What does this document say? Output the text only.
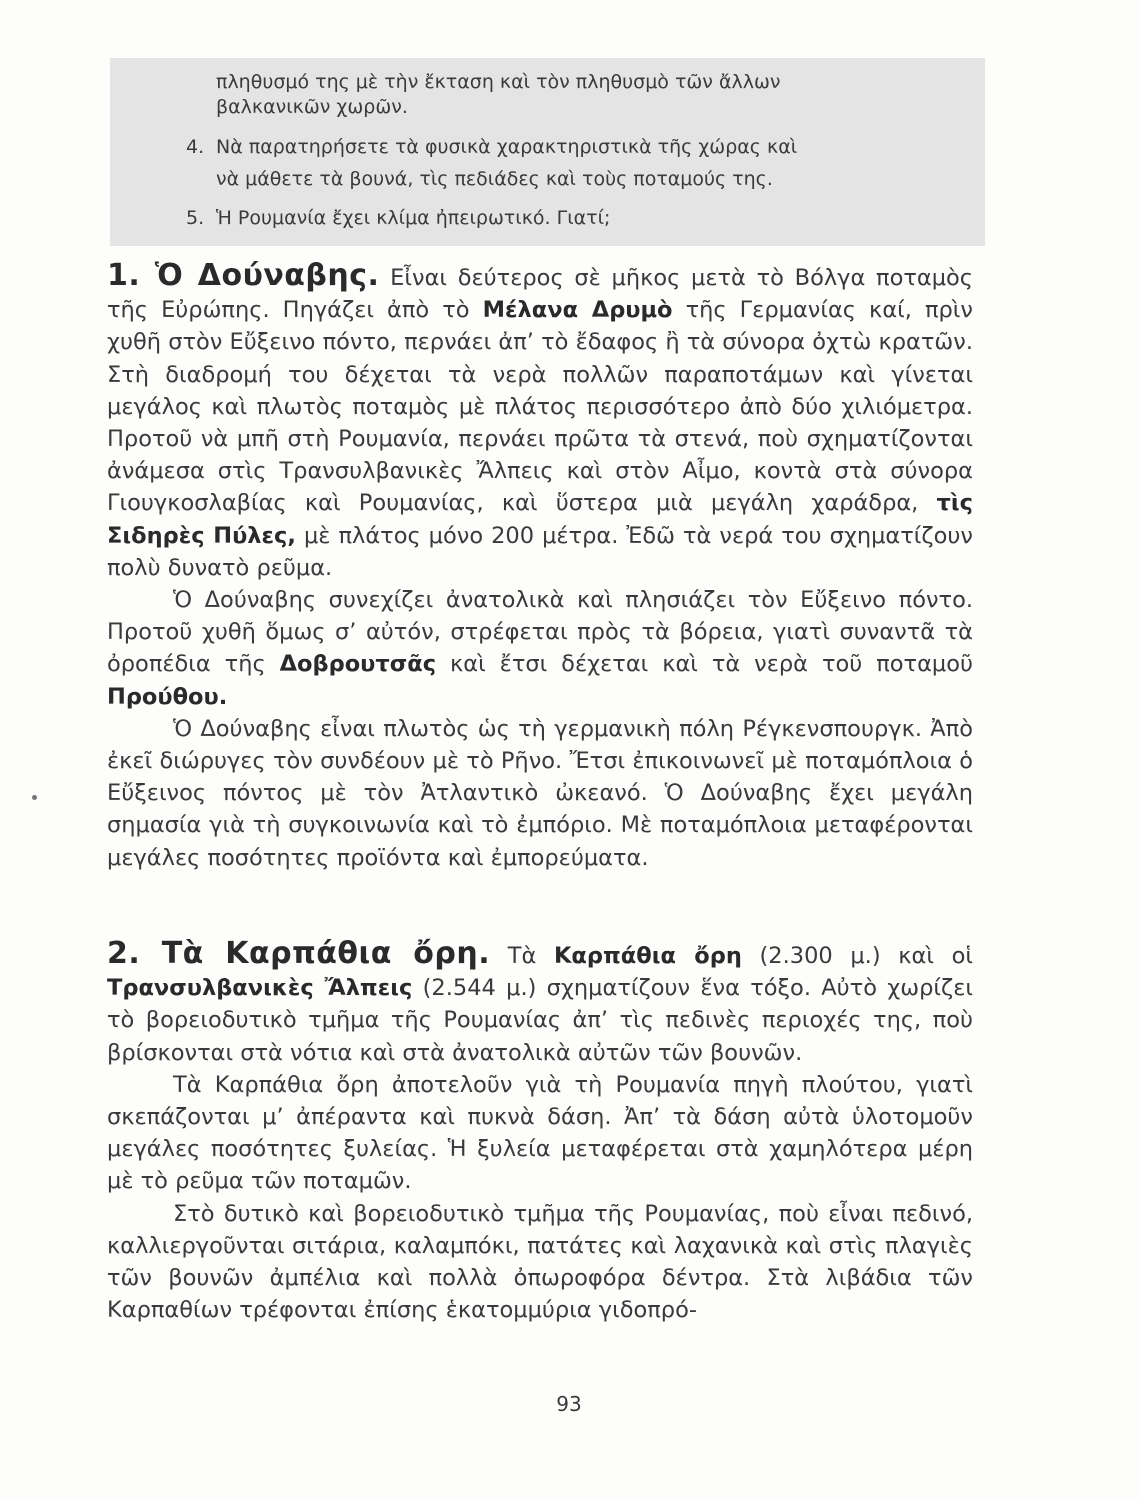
πληθυσμό της μὲ τὴν ἔκταση καὶ τὸν πληθυσμὸ τῶν ἄλλων
βαλκανικῶν χωρῶν.
4. Νὰ παρατηρήσετε τὰ φυσικὰ χαρακτηριστικὰ τῆς χώρας καὶ
νὰ μάθετε τὰ βουνά, τὶς πεδιάδες καὶ τοὺς ποταμούς της.
5. Ἡ Ρουμανία ἔχει κλίμα ἠπειρωτικό. Γιατί;

1. Ὁ Δούναβης. Εἶναι δεύτερος σὲ μῆκος μετὰ τὸ Βόλγα ποταμὸς τῆς Εὐρώπης. Πηγάζει ἀπὸ τὸ Μέλανα Δρυμὸ τῆς Γερμανίας καί, πρὶν χυθῆ στὸν Εὔξεινο πόντο, περνάει ἀπ’ τὸ ἔδαφος ἢ τὰ σύνορα ὀχτὼ κρατῶν. Στὴ διαδρομή του δέχεται τὰ νερὰ πολλῶν παραποτάμων καὶ γίνεται μεγάλος καὶ πλωτὸς ποταμὸς μὲ πλάτος περισσότερο ἀπὸ δύο χιλιόμετρα. Προτοῦ νὰ μπῆ στὴ Ρουμανία, περνάει πρῶτα τὰ στενά, ποὺ σχηματίζονται ἀνάμεσα στὶς Τρανσυλβανικὲς Ἄλπεις καὶ στὸν Αἶμο, κοντὰ στὰ σύνορα Γιουγκοσλαβίας καὶ Ρουμανίας, καὶ ὕστερα μιὰ μεγάλη χαράδρα, τὶς Σιδηρὲς Πύλες, μὲ πλάτος μόνο 200 μέτρα. Ἐδῶ τὰ νερά του σχηματίζουν πολὺ δυνατὸ ρεῦμα.

Ὁ Δούναβης συνεχίζει ἀνατολικὰ καὶ πλησιάζει τὸν Εὔξεινο πόντο. Προτοῦ χυθῆ ὅμως σ’ αὐτόν, στρέφεται πρὸς τὰ βόρεια, γιατὶ συναντᾶ τὰ ὀροπέδια τῆς Δοβρουτσᾶς καὶ ἔτσι δέχεται καὶ τὰ νερὰ τοῦ ποταμοῦ Προύθου.

Ὁ Δούναβης εἶναι πλωτὸς ὡς τὴ γερμανικὴ πόλη Ρέγκενσπουργκ. Ἀπὸ ἐκεῖ διώρυγες τὸν συνδέουν μὲ τὸ Ρῆνο. Ἔτσι ἐπικοινωνεῖ μὲ ποταμόπλοια ὁ Εὔξεινος πόντος μὲ τὸν Ἀτλαντικὸ ὠκεανό. Ὁ Δούναβης ἔχει μεγάλη σημασία γιὰ τὴ συγκοινωνία καὶ τὸ ἐμπόριο. Μὲ ποταμόπλοια μεταφέρονται μεγάλες ποσότητες προϊόντα καὶ ἐμπορεύματα.

2. Τὰ Καρπάθια ὄρη. Τὰ Καρπάθια ὄρη (2.300 μ.) καὶ οἱ Τρανσυλβανικὲς Ἄλπεις (2.544 μ.) σχηματίζουν ἕνα τόξο. Αὐτὸ χωρίζει τὸ βορειοδυτικὸ τμῆμα τῆς Ρουμανίας ἀπ’ τὶς πεδινὲς περιοχές της, ποὺ βρίσκονται στὰ νότια καὶ στὰ ἀνατολικὰ αὐτῶν τῶν βουνῶν.

Τὰ Καρπάθια ὄρη ἀποτελοῦν γιὰ τὴ Ρουμανία πηγὴ πλούτου, γιατὶ σκεπάζονται μ’ ἀπέραντα καὶ πυκνὰ δάση. Ἀπ’ τὰ δάση αὐτὰ ὑλοτομοῦν μεγάλες ποσότητες ξυλείας. Ἡ ξυλεία μεταφέρεται στὰ χαμηλότερα μέρη μὲ τὸ ρεῦμα τῶν ποταμῶν.

Στὸ δυτικὸ καὶ βορειοδυτικὸ τμῆμα τῆς Ρουμανίας, ποὺ εἶναι πεδινό, καλλιεργοῦνται σιτάρια, καλαμπόκι, πατάτες καὶ λαχανικὰ καὶ στὶς πλαγιὲς τῶν βουνῶν ἀμπέλια καὶ πολλὰ ὀπωροφόρα δέντρα. Στὰ λιβάδια τῶν Καρπαθίων τρέφονται ἐπίσης ἑκατομμύρια γιδοπρό-

93
